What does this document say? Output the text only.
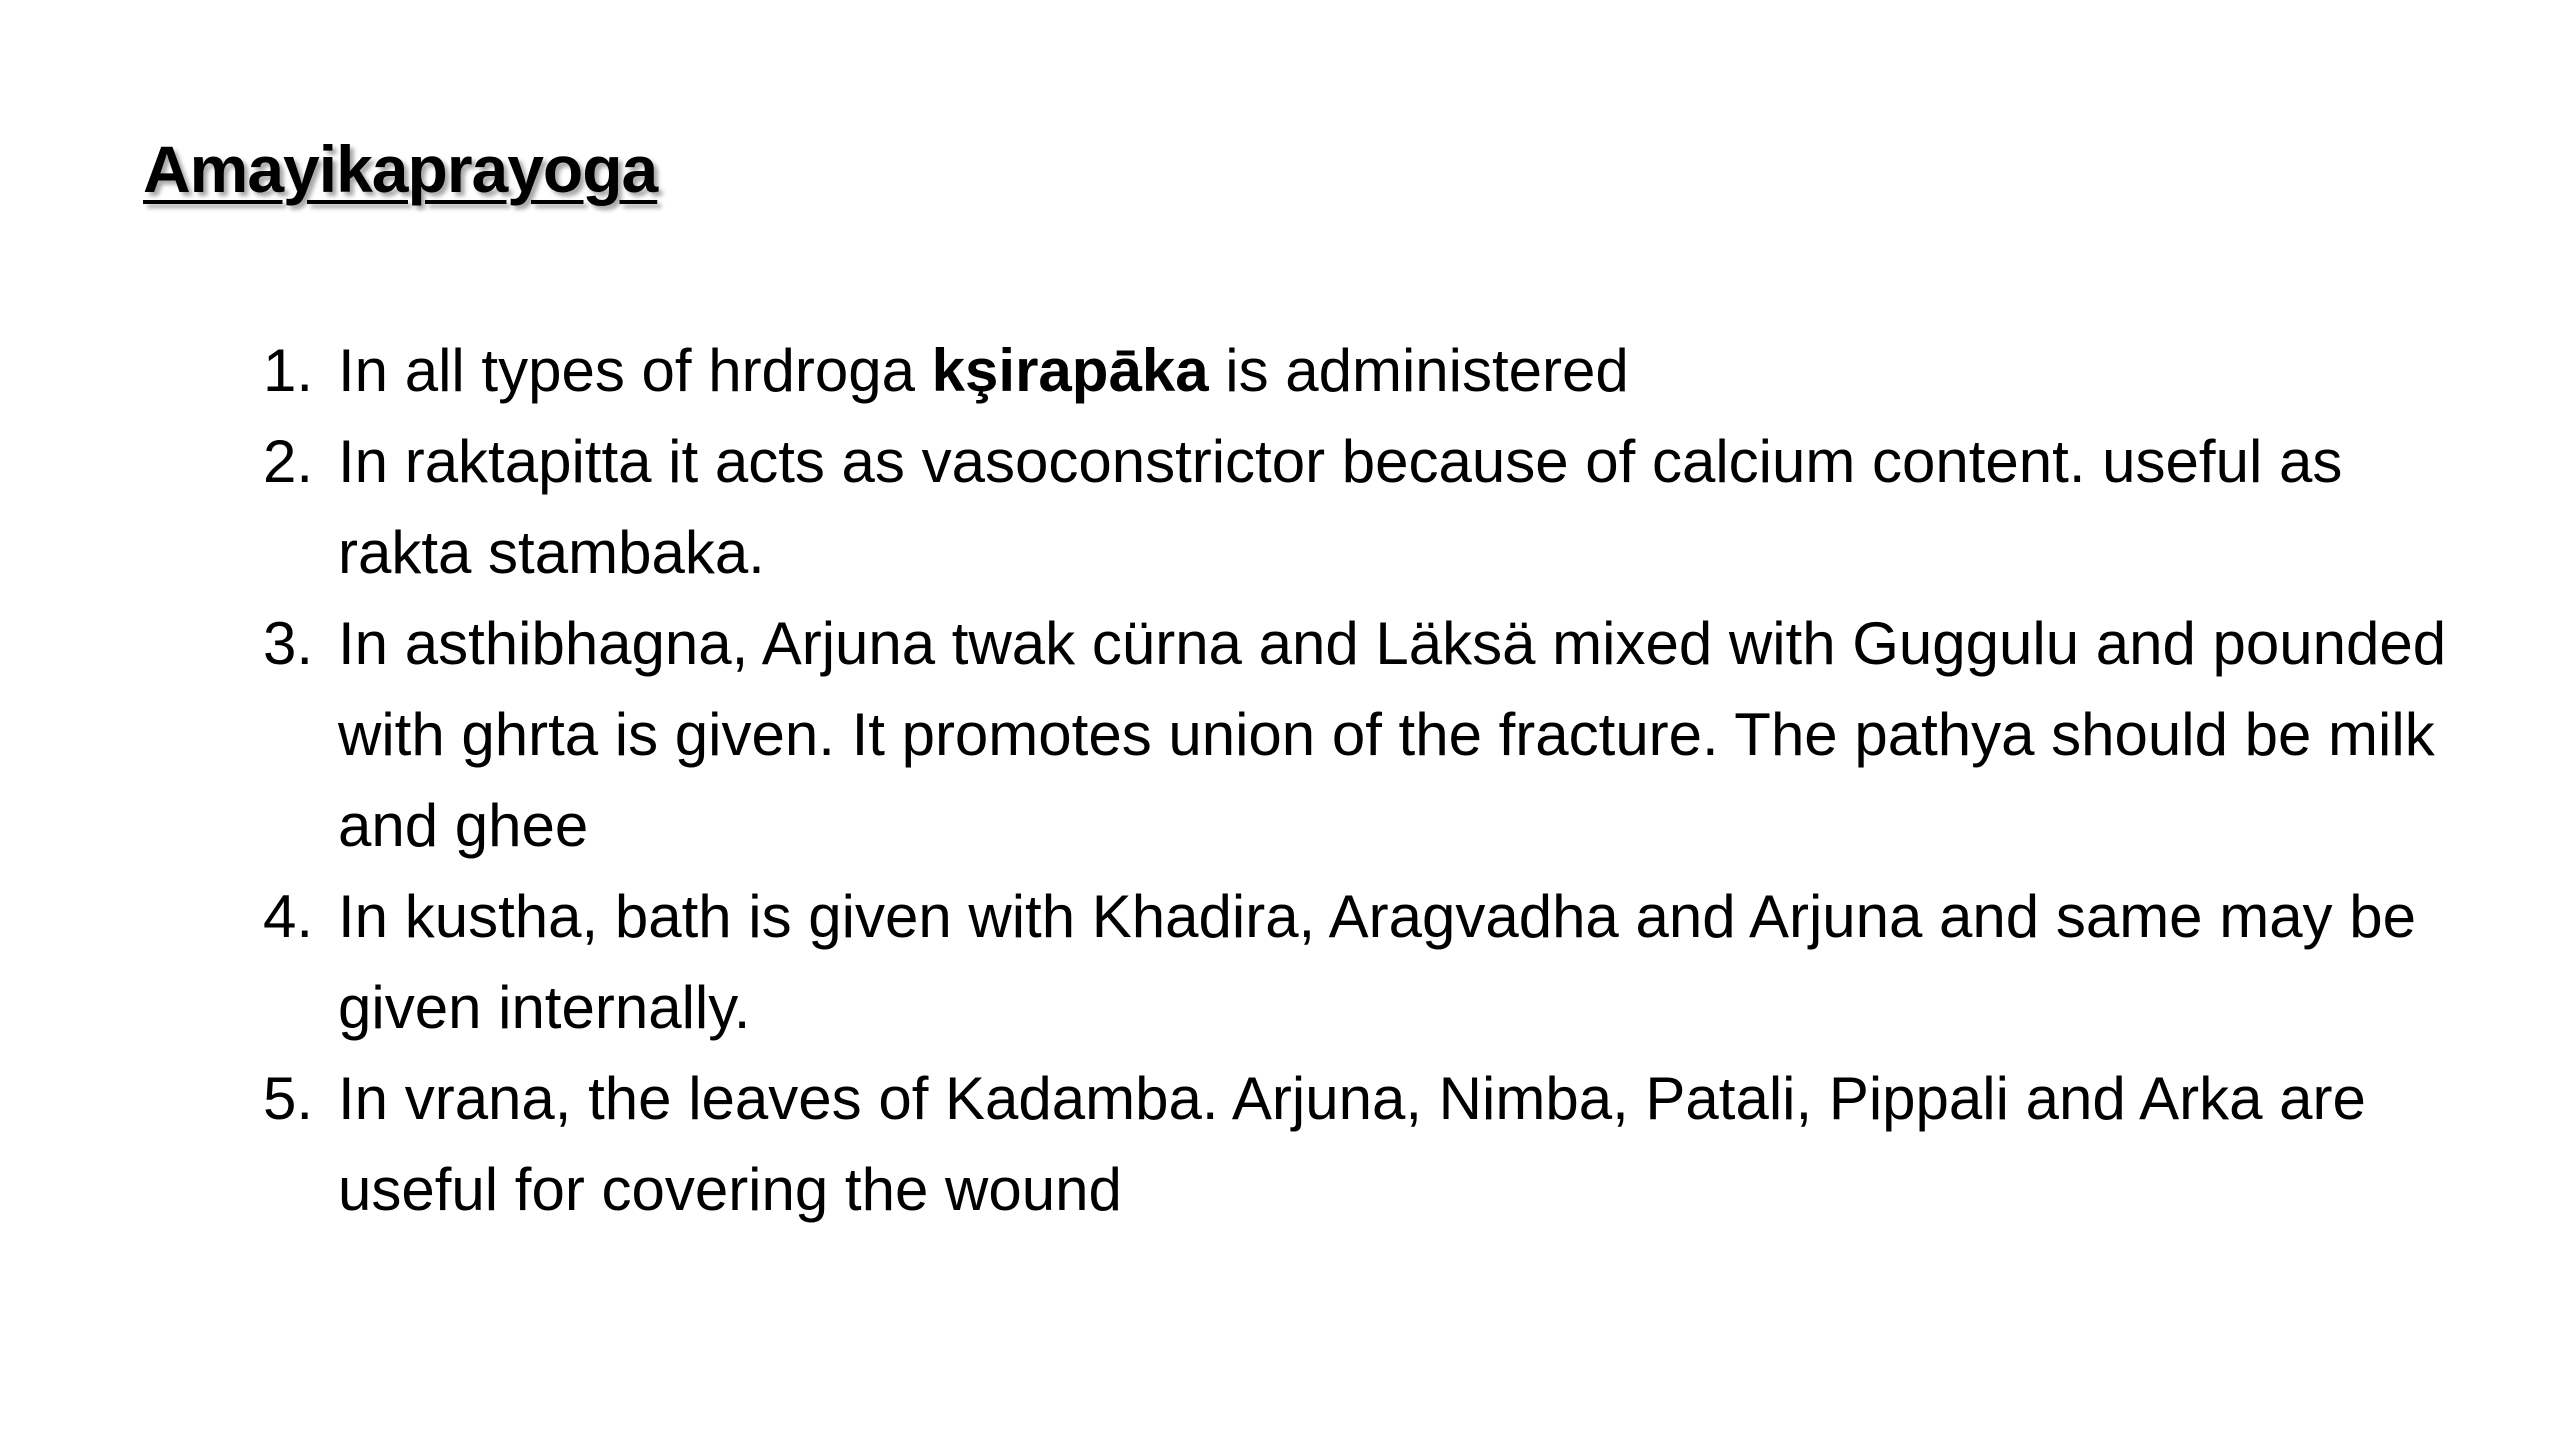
Amayikaprayoga
1. In all types of hrdroga kşirapāka is administered
2. In raktapitta it acts as vasoconstrictor because of calcium content. useful as rakta stambaka.
3. In asthibhagna, Arjuna twak cürna and Läksä mixed with Guggulu and pounded with ghrta is given. It promotes union of the fracture. The pathya should be milk and ghee
4. In kustha, bath is given with Khadira, Aragvadha and Arjuna and same may be given internally.
5. In vrana, the leaves of Kadamba. Arjuna, Nimba, Patali, Pippali and Arka are useful for covering the wound
